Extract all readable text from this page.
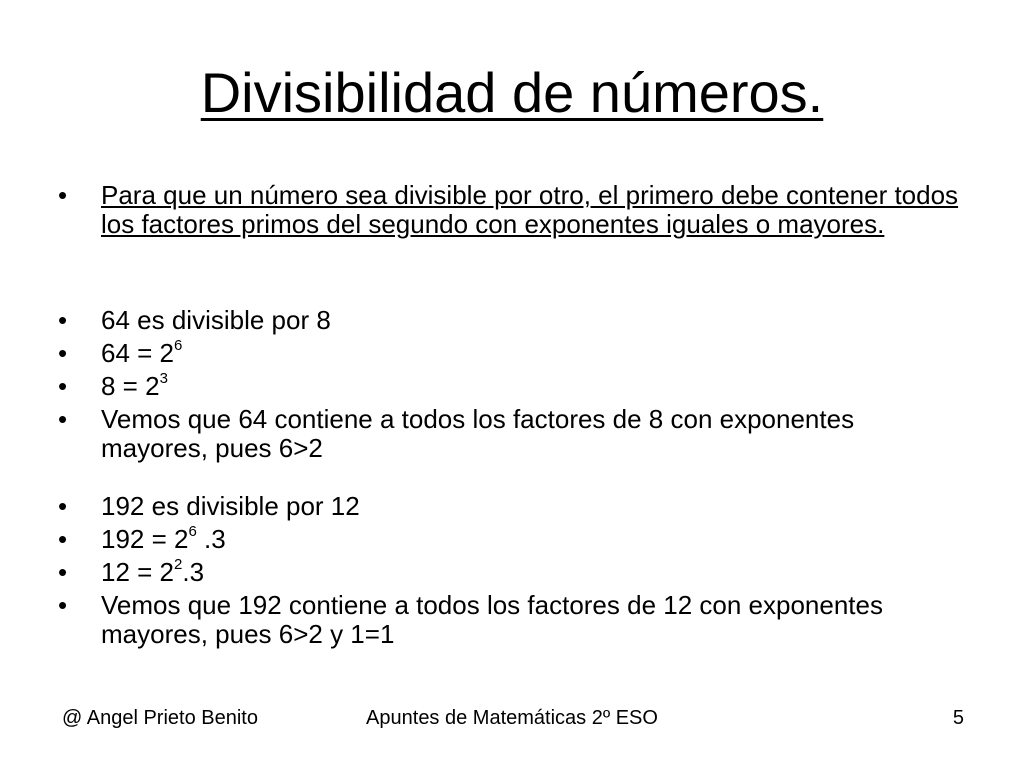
Divisibilidad de números.
•	Para que un número sea divisible por otro, el primero debe contener todos los factores primos del segundo con exponentes iguales o mayores.
•	64 es divisible por 8
•	$64 = 2^6$
•	$8 = 2^3$
•	Vemos que 64 contiene a todos los factores de 8 con exponentes mayores, pues 6>2
•	192 es divisible por 12
•	$192 = 2^6$ .3
•	$12 = 2^2.3$
•	Vemos que 192 contiene a todos los factores de 12 con exponentes mayores, pues 6>2 y 1=1
@ Angel Prieto Benito	Apuntes de Matemáticas 2º ESO	5
